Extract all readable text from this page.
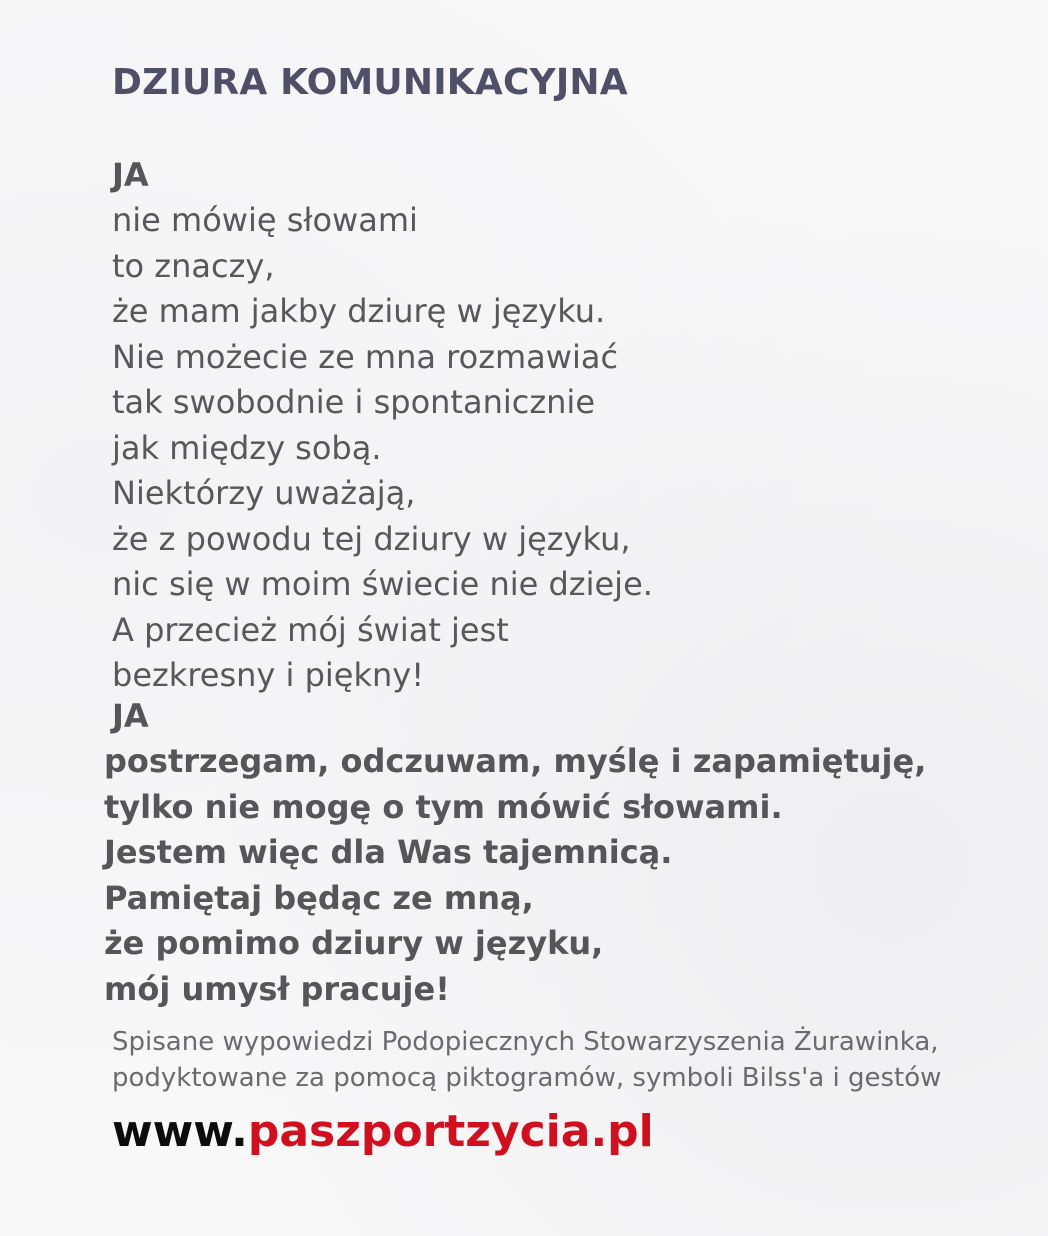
DZIURA KOMUNIKACYJNA
JA
nie mówię słowami
to znaczy,
że mam jakby dziurę w języku.
Nie możecie ze mna rozmawiać
tak swobodnie i spontanicznie
jak między sobą.
Niektórzy uważają,
że z powodu tej dziury w języku,
nic się w moim świecie nie dzieje.
A przecież mój świat jest
bezkresny i piękny!
JA
postrzegam, odczuwam, myślę i zapamiętuję,
tylko nie mogę o tym mówić słowami.
Jestem więc dla Was tajemnicą.
Pamiętaj będąc ze mną,
że pomimo dziury w języku,
mój umysł pracuje!
Spisane wypowiedzi Podopiecznych Stowarzyszenia Żurawinka,
podyktowane za pomocą piktogramów, symboli Bilss'a i gestów
www.paszportzycia.pl
